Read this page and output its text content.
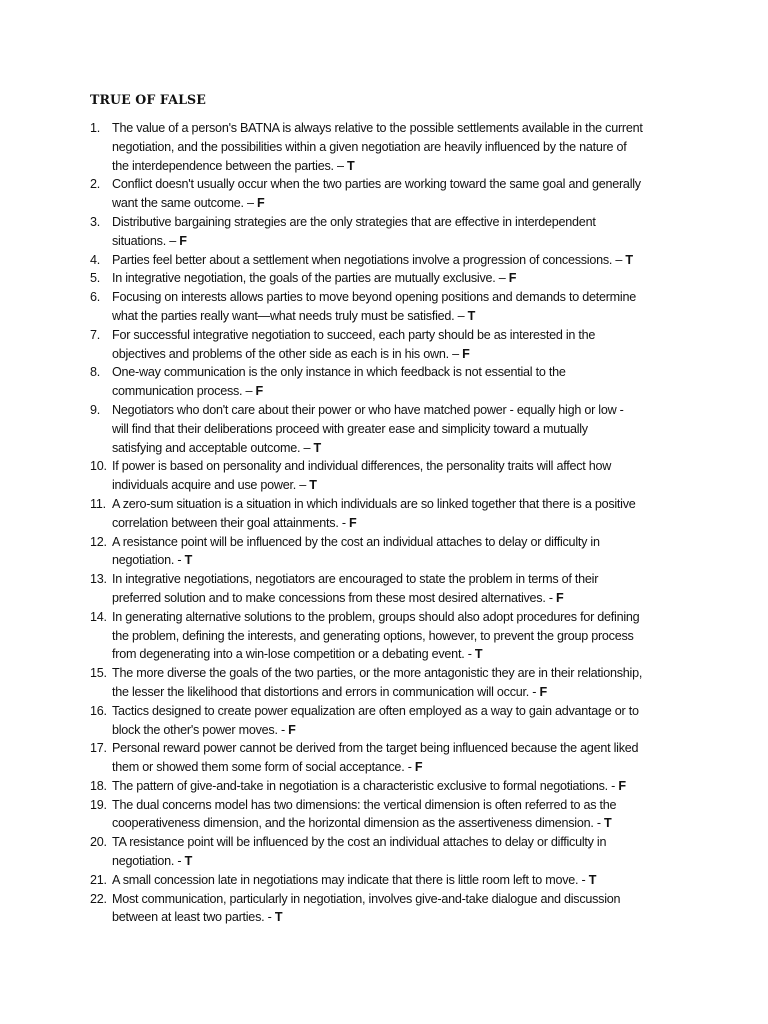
TRUE OF FALSE
1. The value of a person's BATNA is always relative to the possible settlements available in the current
negotiation, and the possibilities within a given negotiation are heavily influenced by the nature of
the interdependence between the parties. – T
2. Conflict doesn't usually occur when the two parties are working toward the same goal and generally
want the same outcome. – F
3. Distributive bargaining strategies are the only strategies that are effective in interdependent
situations. – F
4. Parties feel better about a settlement when negotiations involve a progression of concessions. – T
5. In integrative negotiation, the goals of the parties are mutually exclusive. – F
6. Focusing on interests allows parties to move beyond opening positions and demands to determine
what the parties really want—what needs truly must be satisfied. – T
7. For successful integrative negotiation to succeed, each party should be as interested in the
objectives and problems of the other side as each is in his own. – F
8. One-way communication is the only instance in which feedback is not essential to the
communication process. – F
9. Negotiators who don't care about their power or who have matched power - equally high or low -
will find that their deliberations proceed with greater ease and simplicity toward a mutually
satisfying and acceptable outcome. – T
10. If power is based on personality and individual differences, the personality traits will affect how
individuals acquire and use power. – T
11. A zero-sum situation is a situation in which individuals are so linked together that there is a positive
correlation between their goal attainments. - F
12. A resistance point will be influenced by the cost an individual attaches to delay or difficulty in
negotiation. - T
13. In integrative negotiations, negotiators are encouraged to state the problem in terms of their
preferred solution and to make concessions from these most desired alternatives. - F
14. In generating alternative solutions to the problem, groups should also adopt procedures for defining
the problem, defining the interests, and generating options, however, to prevent the group process
from degenerating into a win-lose competition or a debating event. - T
15. The more diverse the goals of the two parties, or the more antagonistic they are in their relationship,
the lesser the likelihood that distortions and errors in communication will occur. - F
16. Tactics designed to create power equalization are often employed as a way to gain advantage or to
block the other's power moves. - F
17. Personal reward power cannot be derived from the target being influenced because the agent liked
them or showed them some form of social acceptance. - F
18. The pattern of give-and-take in negotiation is a characteristic exclusive to formal negotiations. - F
19. The dual concerns model has two dimensions: the vertical dimension is often referred to as the
cooperativeness dimension, and the horizontal dimension as the assertiveness dimension. - T
20. TA resistance point will be influenced by the cost an individual attaches to delay or difficulty in
negotiation. - T
21. A small concession late in negotiations may indicate that there is little room left to move. - T
22. Most communication, particularly in negotiation, involves give-and-take dialogue and discussion
between at least two parties. - T
